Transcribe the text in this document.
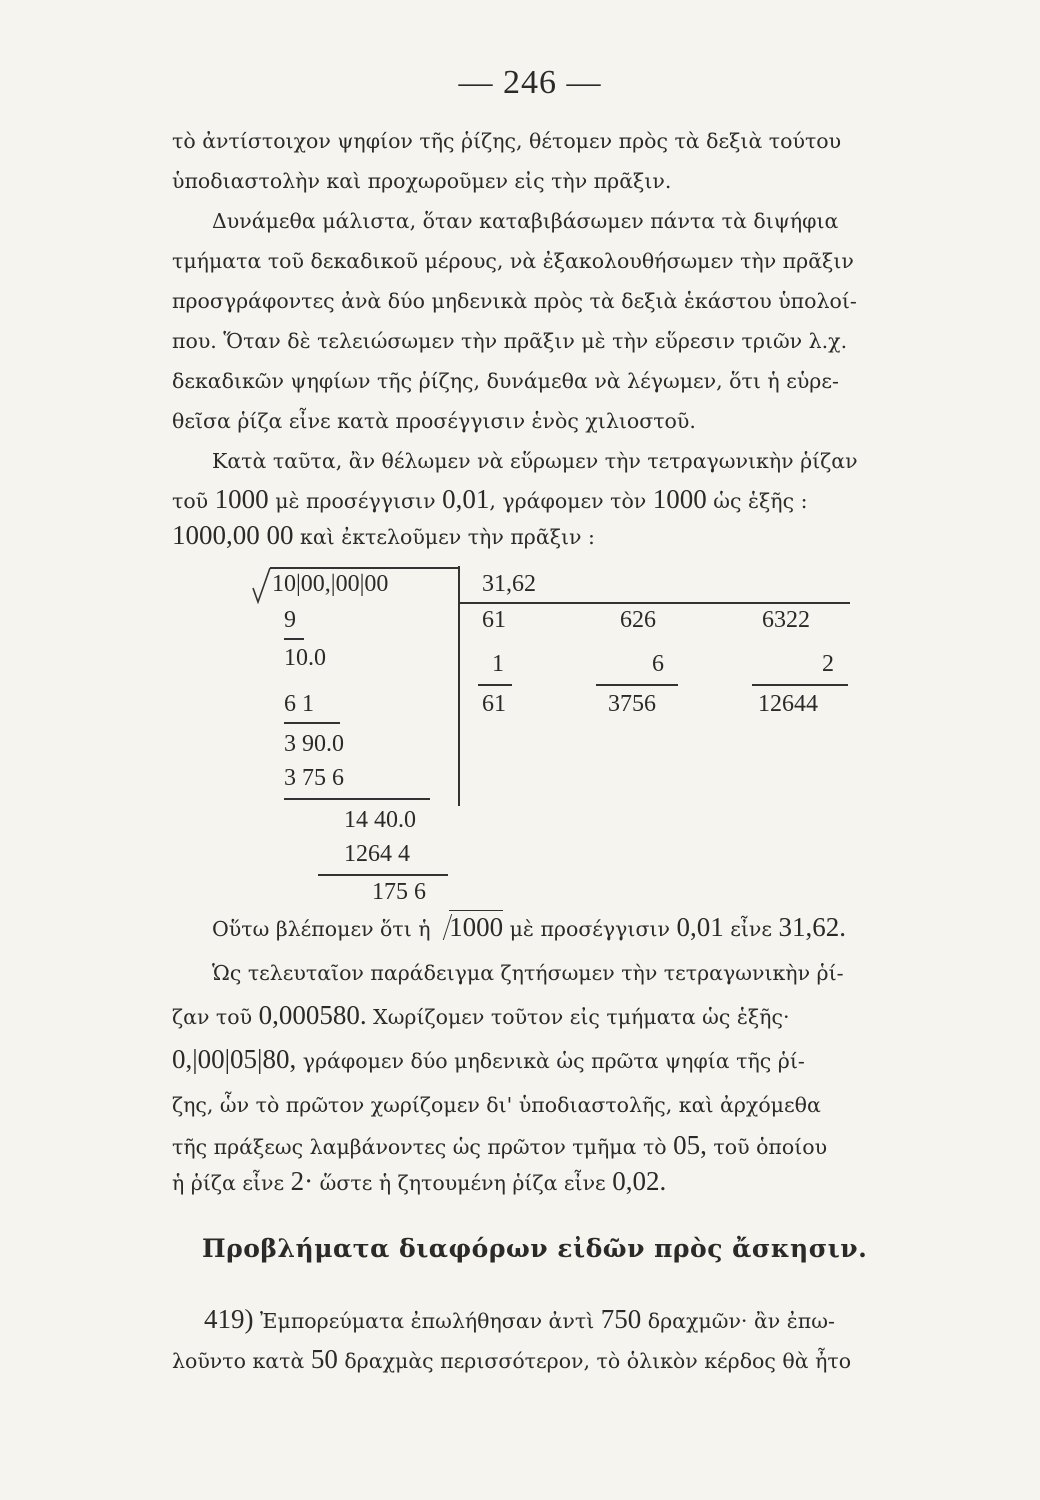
— 246 —
τὸ ἀντίστοιχον ψηφίον τῆς ῥίζης, θέτομεν πρὸς τὰ δεξιὰ τούτου
ὑποδιαστολὴν καὶ προχωροῦμεν εἰς τὴν πρᾶξιν.
Δυνάμεθα μάλιστα, ὅταν καταβιβάσωμεν πάντα τὰ διψήφια
τμήματα τοῦ δεκαδικοῦ μέρους, νὰ ἐξακολουθήσωμεν τὴν πρᾶξιν
προσγράφοντες ἀνὰ δύο μηδενικὰ πρὸς τὰ δεξιὰ ἑκάστου ὑπολοί-
που. Ὅταν δὲ τελειώσωμεν τὴν πρᾶξιν μὲ τὴν εὕρεσιν τριῶν λ.χ.
δεκαδικῶν ψηφίων τῆς ῥίζης, δυνάμεθα νὰ λέγωμεν, ὅτι ἡ εὑρε-
θεῖσα ῥίζα εἶνε κατὰ προσέγγισιν ἑνὸς χιλιοστοῦ.
Κατὰ ταῦτα, ἂν θέλωμεν νὰ εὕρωμεν τὴν τετραγωνικὴν ῥίζαν
τοῦ 1000 μὲ προσέγγισιν 0,01, γράφομεν τὸν 1000 ὡς ἑξῆς :
1000,00 00 καὶ ἐκτελοῦμεν τὴν πρᾶξιν :
10|00,|00|00	31,62
9
10.0
6 1
3 90.0
3 75 6
14 40.0
1264 4
175 6
61
1
61
626
6
3756
6322
2
12644
Οὕτω βλέπομεν ὅτι ἡ 1000 μὲ προσέγγισιν 0,01 εἶνε 31,62.
Ὡς τελευταῖον παράδειγμα ζητήσωμεν τὴν τετραγωνικὴν ῥί-
ζαν τοῦ 0,000580. Χωρίζομεν τοῦτον εἰς τμήματα ὡς ἑξῆς·
0,|00|05|80, γράφομεν δύο μηδενικὰ ὡς πρῶτα ψηφία τῆς ῥί-
ζης, ὧν τὸ πρῶτον χωρίζομεν δι' ὑποδιαστολῆς, καὶ ἀρχόμεθα
τῆς πράξεως λαμβάνοντες ὡς πρῶτον τμῆμα τὸ 05, τοῦ ὁποίου
ἡ ῥίζα εἶνε 2· ὥστε ἡ ζητουμένη ῥίζα εἶνε 0,02.
Προβλήματα διαφόρων εἰδῶν πρὸς ἄσκησιν.
419) Ἐμπορεύματα ἐπωλήθησαν ἀντὶ 750 δραχμῶν· ἂν ἐπω-
λοῦντο κατὰ 50 δραχμὰς περισσότερον, τὸ ὁλικὸν κέρδος θὰ ἦτο
